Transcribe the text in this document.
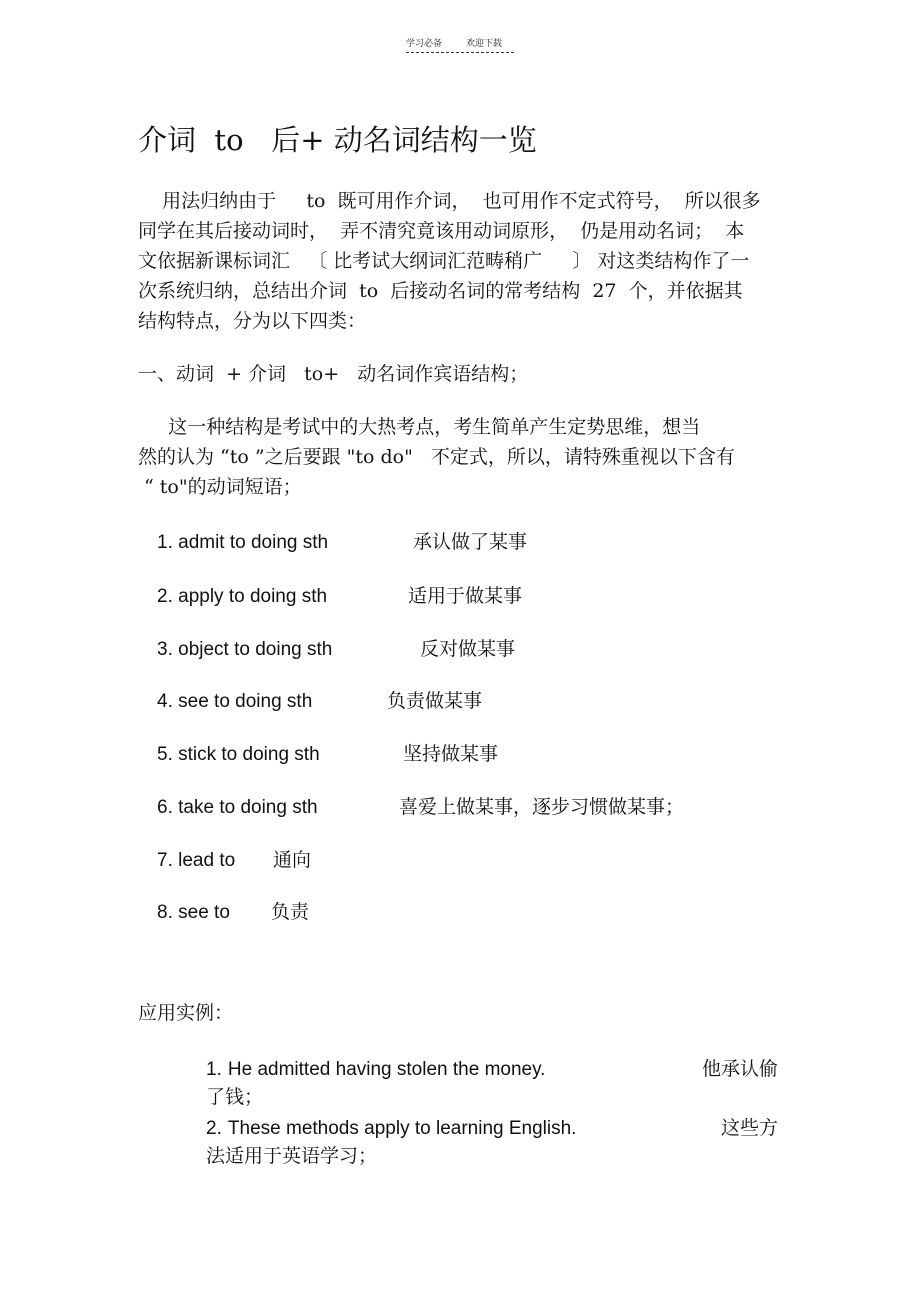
学习必备	欢迎下载
介词  to   后+ 动名词结构一览
用法归纳由于     to  既可用作介词，  也可用作不定式符号，  所以很多
同学在其后接动词时，  弄不清究竟该用动词原形，  仍是用动名词；  本
文依据新课标词汇   〔 比考试大纲词汇范畴稍广     〕 对这类结构作了一
次系统归纳，总结出介词  to  后接动名词的常考结构  27  个，并依据其
结构特点，分为以下四类：
一、动词  + 介词   to+   动名词作宾语结构；
这一种结构是考试中的大热考点，考生简单产生定势思维，想当
然的认为 “to ”之后要跟 "to do"   不定式，所以，请特殊重视以下含有
“ to"的动词短语；
1. admit to doing sth	承认做了某事
2. apply to doing sth	适用于做某事
3. object to doing sth	反对做某事
4. see to doing sth	负责做某事
5. stick to doing sth	坚持做某事
6. take to doing sth	喜爱上做某事，逐步习惯做某事；
7. lead to 通向
8. see to 负责
应用实例：
1. He admitted having stolen the money.	他承认偷
了钱；
2. These methods apply to learning English.	这些方
法适用于英语学习；
